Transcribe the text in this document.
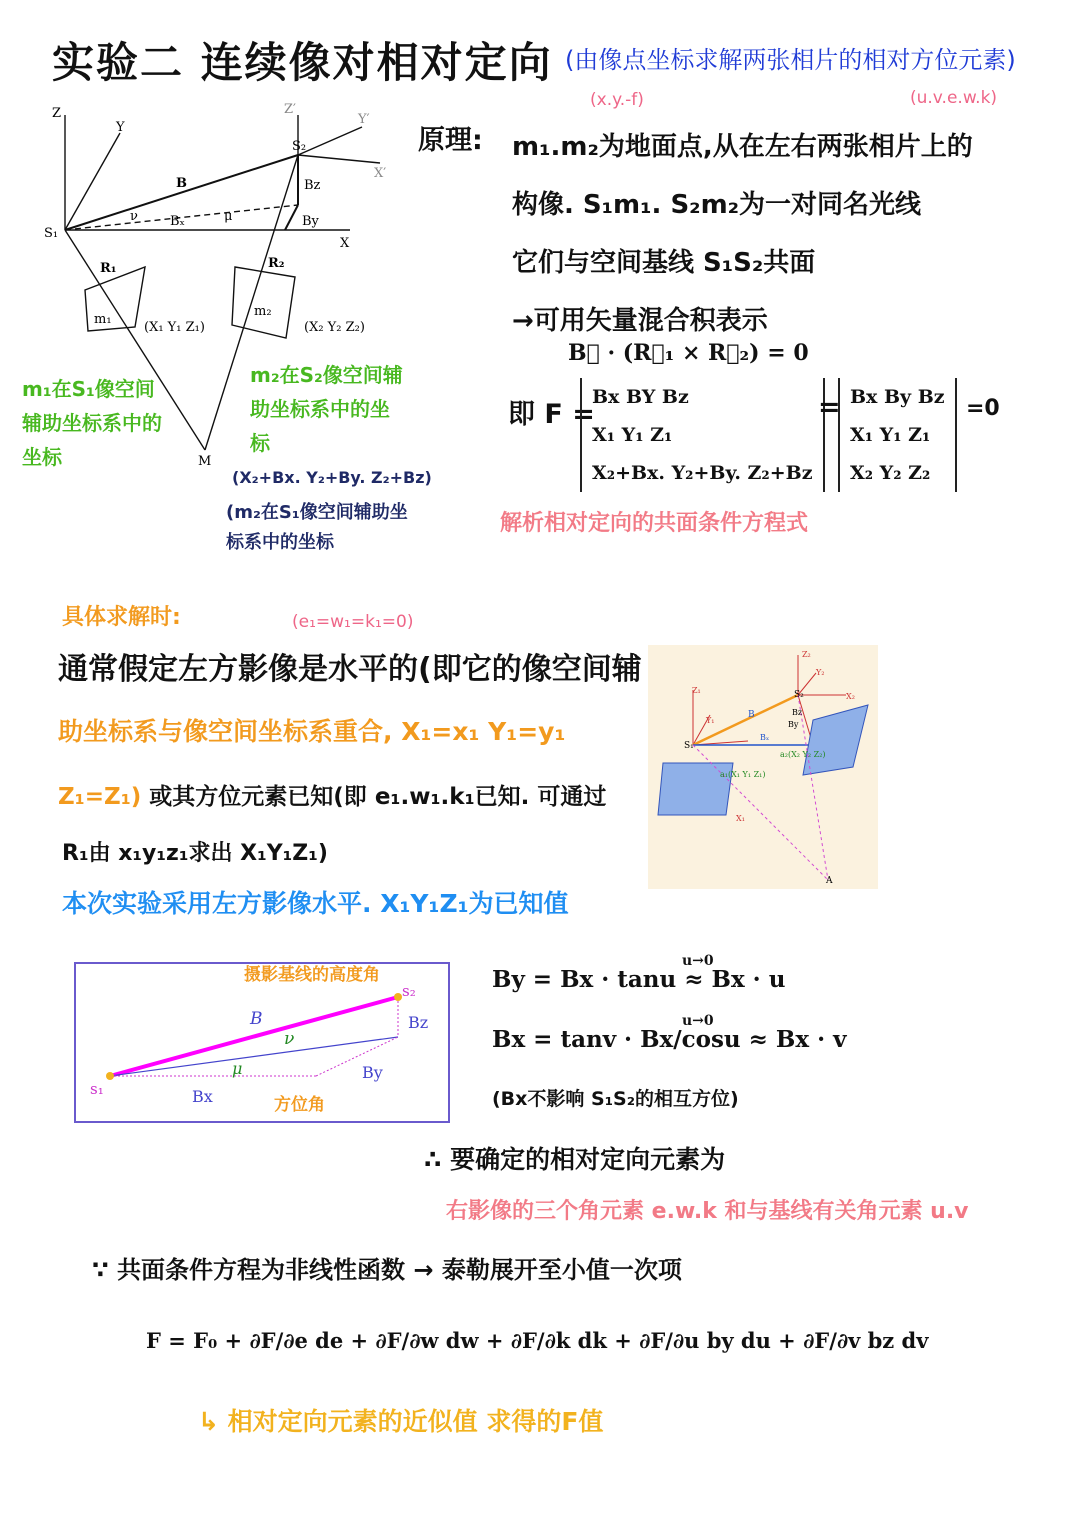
实验二 连续像对相对定向 (由像点坐标求解两张相片的相对方位元素)
(x.y.-f)	(u.v.e.w.k)
Z
Y
X
S₁
S₂
Z′
Y′
X′
B
Bₓ
Bz
By
ν	μ
R₁	R₂
m₁
m₂
(X₁ Y₁ Z₁)	(X₂ Y₂ Z₂)
M
m₁在S₁像空间
辅助坐标系中的
坐标
m₂在S₂像空间辅
助坐标系中的坐
标
(X₂+Bx. Y₂+By. Z₂+Bz)
(m₂在S₁像空间辅助坐
标系中的坐标
原理: m₁.m₂为地面点,从在左右两张相片上的
构像. S₁m₁. S₂m₂为一对同名光线
它们与空间基线 S₁S₂共面
→可用矢量混合积表示
B⃗ · (R⃗₁ × R⃗₂) = 0
即 F =
Bx BY Bz
X₁ Y₁ Z₁
X₂+Bx. Y₂+By. Z₂+Bz
= Bx By Bz
X₁ Y₁ Z₁
X₂ Y₂ Z₂
=0
解析相对定向的共面条件方程式
具体求解时:	(e₁=w₁=k₁=0)
通常假定左方影像是水平的(即它的像空间辅
助坐标系与像空间坐标系重合, X₁=x₁ Y₁=y₁
Z₁=Z₁) 或其方位元素已知(即 e₁.w₁.k₁已知. 可通过
R₁由 x₁y₁z₁求出 X₁Y₁Z₁)
本次实验采用左方影像水平. X₁Y₁Z₁为已知值
Z₁
Y₁
X₁
S₁
S₂
Z₂
Y₂
X₂
B
Bₓ
By
Bz
a₁(X₁ Y₁ Z₁)
a₂(X₂ Y₂ Z₂)
A
摄影基线的高度角
s₁
s₂
B	Bz
By
Bx
ν
μ
方位角
By = Bx · tanu ≈ Bx · u
Bx = tanv · Bx/cosu ≈ Bx · v
u→0
u→0
(Bx不影响 S₁S₂的相互方位)
∴ 要确定的相对定向元素为
右影像的三个角元素 e.w.k 和与基线有关角元素 u.v
∵ 共面条件方程为非线性函数 → 泰勒展开至小值一次项
F = F₀ + ∂F/∂e de + ∂F/∂w dw + ∂F/∂k dk + ∂F/∂u by du + ∂F/∂v bz dv
↳ 相对定向元素的近似值 求得的F值
